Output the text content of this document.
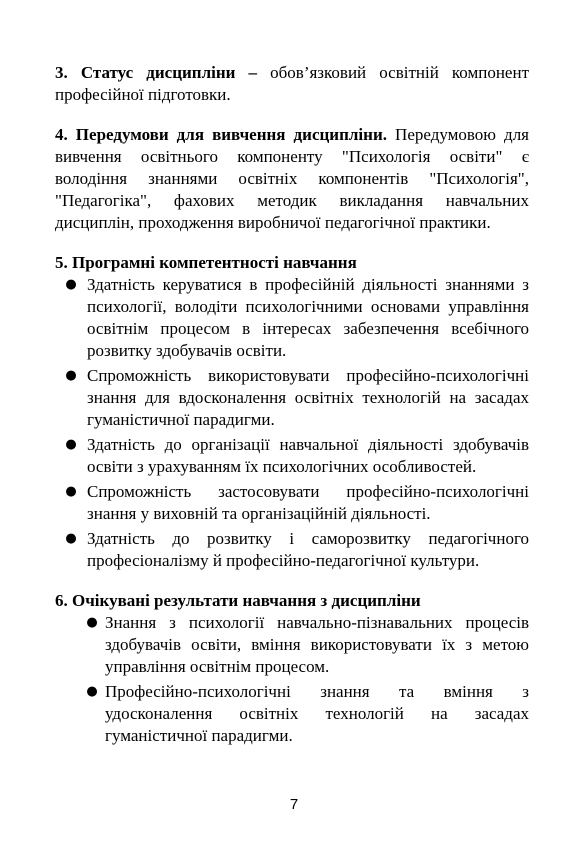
3. Статус дисципліни – обов’язковий освітній компонент професійної підготовки.

4. Передумови для вивчення дисципліни. Передумовою для вивчення освітнього компоненту "Психологія освіти" є володіння знаннями освітніх компонентів "Психологія", "Педагогіка", фахових методик викладання навчальних дисциплін, проходження виробничої педагогічної практики.

5. Програмні компетентності навчання

● Здатність керуватися в професійній діяльності знаннями з психології, володіти психологічними основами управління освітнім процесом в інтересах забезпечення всебічного розвитку здобувачів освіти.
● Спроможність використовувати професійно-психологічні знання для вдосконалення освітніх технологій на засадах гуманістичної парадигми.
● Здатність до організації навчальної діяльності здобувачів освіти з урахуванням їх психологічних особливостей.
● Спроможність застосовувати професійно-психологічні знання у виховній та організаційній діяльності.
● Здатність до розвитку і саморозвитку педагогічного професіоналізму й професійно-педагогічної культури.

6. Очікувані результати навчання з дисципліни

● Знання з психології навчально-пізнавальних процесів здобувачів освіти, вміння використовувати їх з метою управління освітнім процесом.
● Професійно-психологічні знання та вміння з удосконалення освітніх технологій на засадах гуманістичної парадигми.
7
